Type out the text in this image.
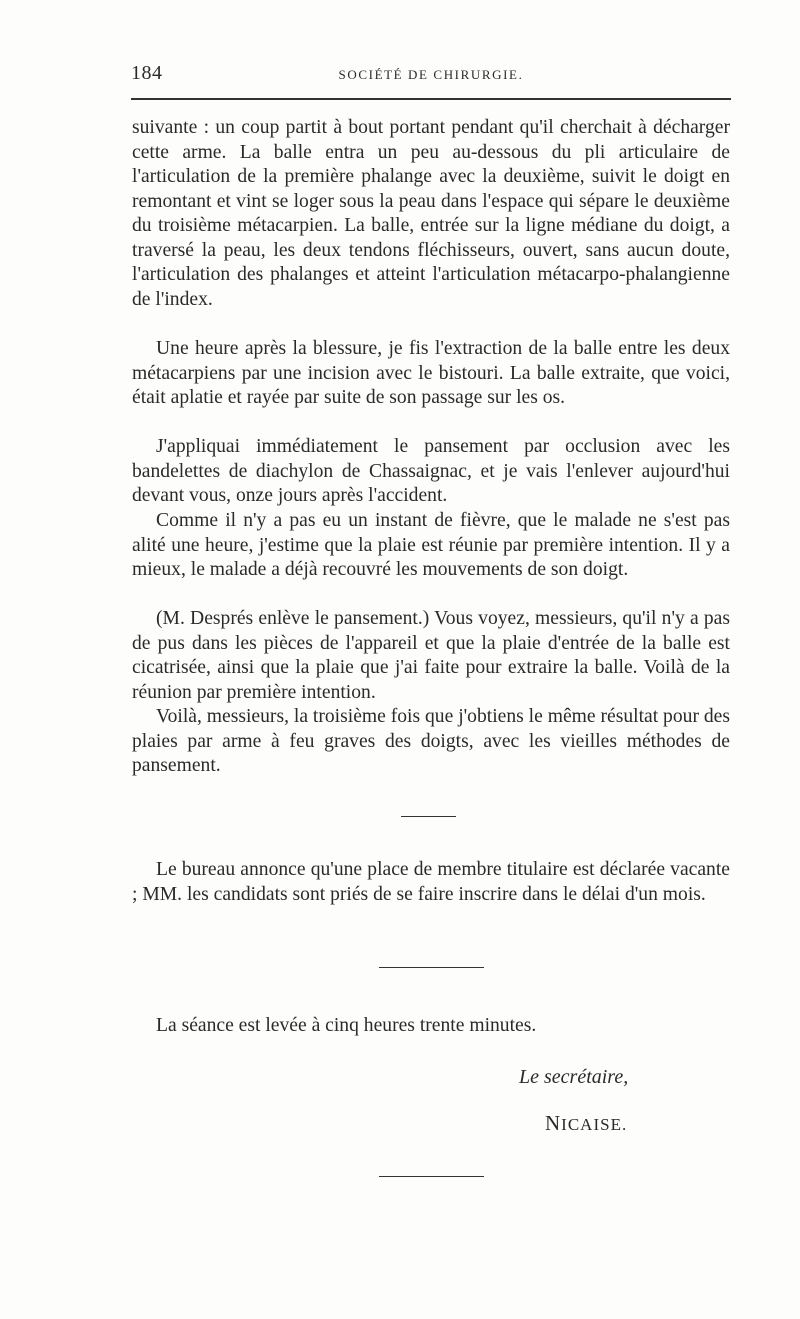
184	SOCIÉTÉ DE CHIRURGIE.

suivante : un coup partit à bout portant pendant qu'il cherchait à décharger cette arme. La balle entra un peu au-dessous du pli articulaire de l'articulation de la première phalange avec la deuxième, suivit le doigt en remontant et vint se loger sous la peau dans l'espace qui sépare le deuxième du troisième métacarpien. La balle, entrée sur la ligne médiane du doigt, a traversé la peau, les deux tendons fléchisseurs, ouvert, sans aucun doute, l'articulation des phalanges et atteint l'articulation métacarpo-phalangienne de l'index.

Une heure après la blessure, je fis l'extraction de la balle entre les deux métacarpiens par une incision avec le bistouri. La balle extraite, que voici, était aplatie et rayée par suite de son passage sur les os.

J'appliquai immédiatement le pansement par occlusion avec les bandelettes de diachylon de Chassaignac, et je vais l'enlever aujourd'hui devant vous, onze jours après l'accident.

Comme il n'y a pas eu un instant de fièvre, que le malade ne s'est pas alité une heure, j'estime que la plaie est réunie par première intention. Il y a mieux, le malade a déjà recouvré les mouvements de son doigt.

(M. Després enlève le pansement.) Vous voyez, messieurs, qu'il n'y a pas de pus dans les pièces de l'appareil et que la plaie d'entrée de la balle est cicatrisée, ainsi que la plaie que j'ai faite pour extraire la balle. Voilà de la réunion par première intention.

Voilà, messieurs, la troisième fois que j'obtiens le même résultat pour des plaies par arme à feu graves des doigts, avec les vieilles méthodes de pansement.

Le bureau annonce qu'une place de membre titulaire est déclarée vacante ; MM. les candidats sont priés de se faire inscrire dans le délai d'un mois.

La séance est levée à cinq heures trente minutes.

Le secrétaire,
NICAISE.
